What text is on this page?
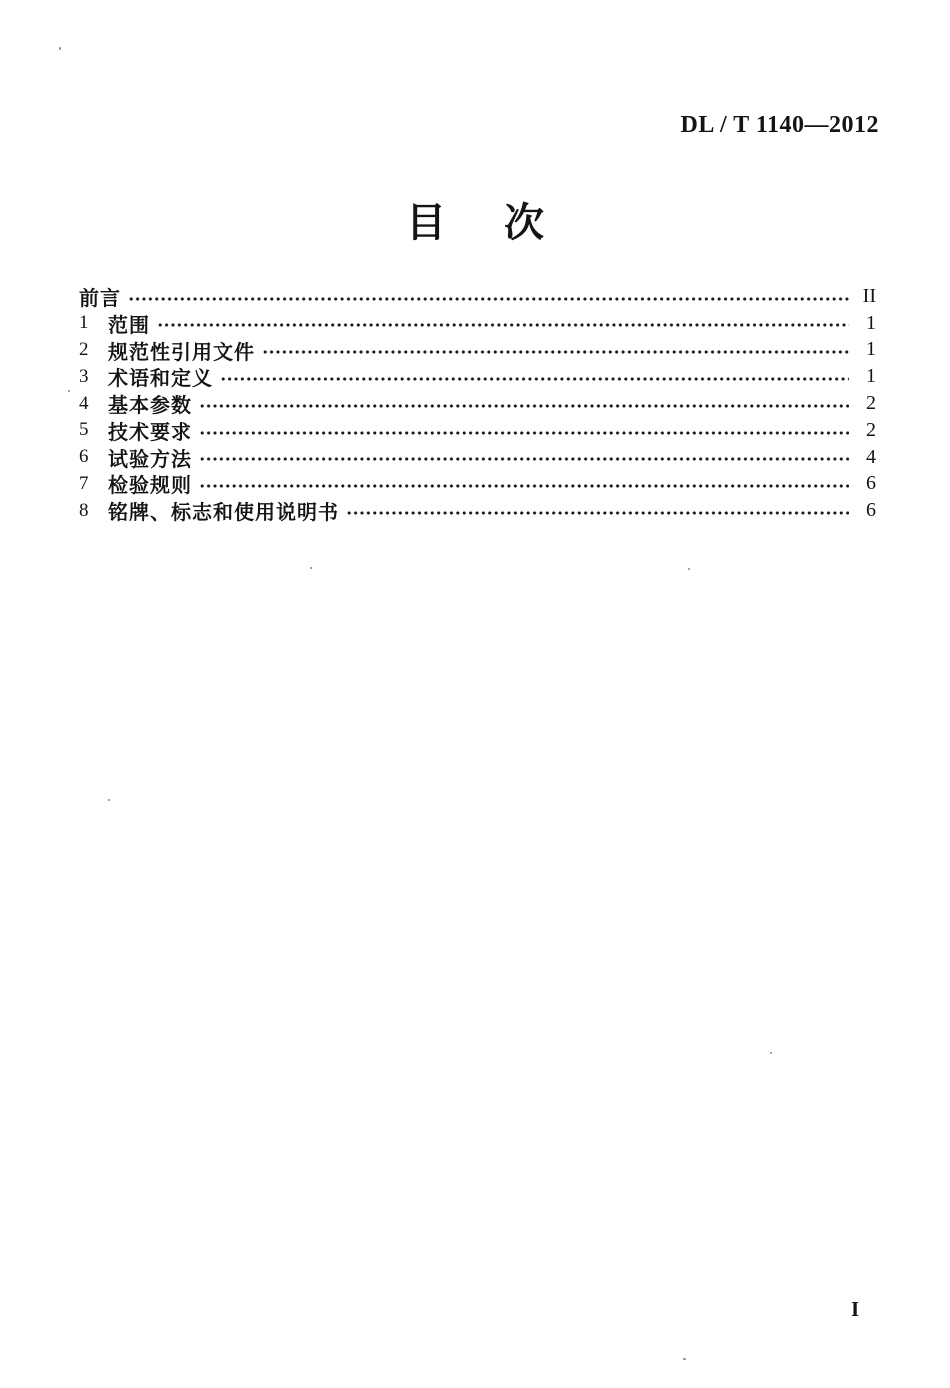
DL / T 1140—2012
目　次
前言	II
1 范围	1
2 规范性引用文件	1
3 术语和定义	1
4 基本参数	2
5 技术要求	2
6 试验方法	4
7 检验规则	6
8 铭牌、标志和使用说明书	6
I
